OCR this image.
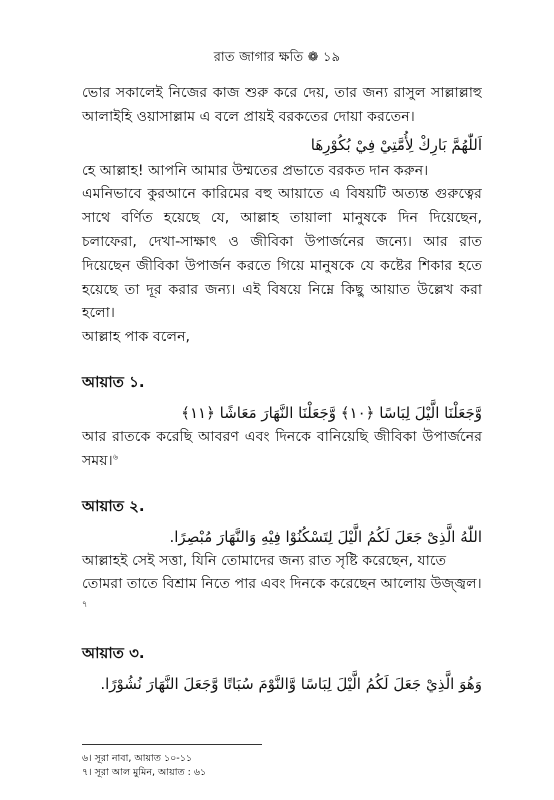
রাত জাগার ক্ষতি ❁ ১৯

ভোর সকালেই নিজের কাজ শুরু করে দেয়, তার জন্য রাসুল সাল্লাল্লাহু আলাইহি ওয়াসাল্লাম এ বলে প্রায়ই বরকতের দোয়া করতেন।

اَللّٰهُمَّ بَارِكْ لِأُمَّتِيْ فِيْ بُكُوْرِهَا

হে আল্লাহ! আপনি আমার উম্মতের প্রভাতে বরকত দান করুন।

এমনিভাবে কুরআনে কারিমের বহু আয়াতে এ বিষয়টি অত্যন্ত গুরুত্বের সাথে বর্ণিত হয়েছে যে, আল্লাহ তায়ালা মানুষকে দিন দিয়েছেন, চলাফেরা, দেখা-সাক্ষাৎ ও জীবিকা উপার্জনের জন্যে। আর রাত দিয়েছেন জীবিকা উপার্জন করতে গিয়ে মানুষকে যে কষ্টের শিকার হতে হয়েছে তা দূর করার জন্য। এই বিষয়ে নিম্নে কিছু আয়াত উল্লেখ করা হলো।

আল্লাহ পাক বলেন,

আয়াত ১.

وَّجَعَلْنَا الَّيْلَ لِبَاسًا ﴿۱۰﴾ وَّجَعَلْنَا النَّهَارَ مَعَاشًا ﴿۱۱﴾

আর রাতকে করেছি আবরণ এবং দিনকে বানিয়েছি জীবিকা উপার্জনের সময়।$^৬$

আয়াত ২.

اللّٰهُ الَّذِیْ جَعَلَ لَكُمُ الَّیْلَ لِتَسْكُنُوْا فِیْهِ وَالنَّهَارَ مُبْصِرًا.

আল্লাহই সেই সত্তা, যিনি তোমাদের জন্য রাত সৃষ্টি করেছেন, যাতে তোমরা তাতে বিশ্রাম নিতে পার এবং দিনকে করেছেন আলোয় উজ্জ্বল।$^৭$

আয়াত ৩.

وَهُوَ الَّذِيْ جَعَلَ لَكُمُ الَّيْلَ لِبَاسًا وَّالنَّوْمَ سُبَاتًا وَّجَعَلَ النَّهَارَ نُشُوْرًا.

৬। সূরা নাবা, আয়াত ১০-১১
৭। সূরা আল মুমিন, আয়াত : ৬১
